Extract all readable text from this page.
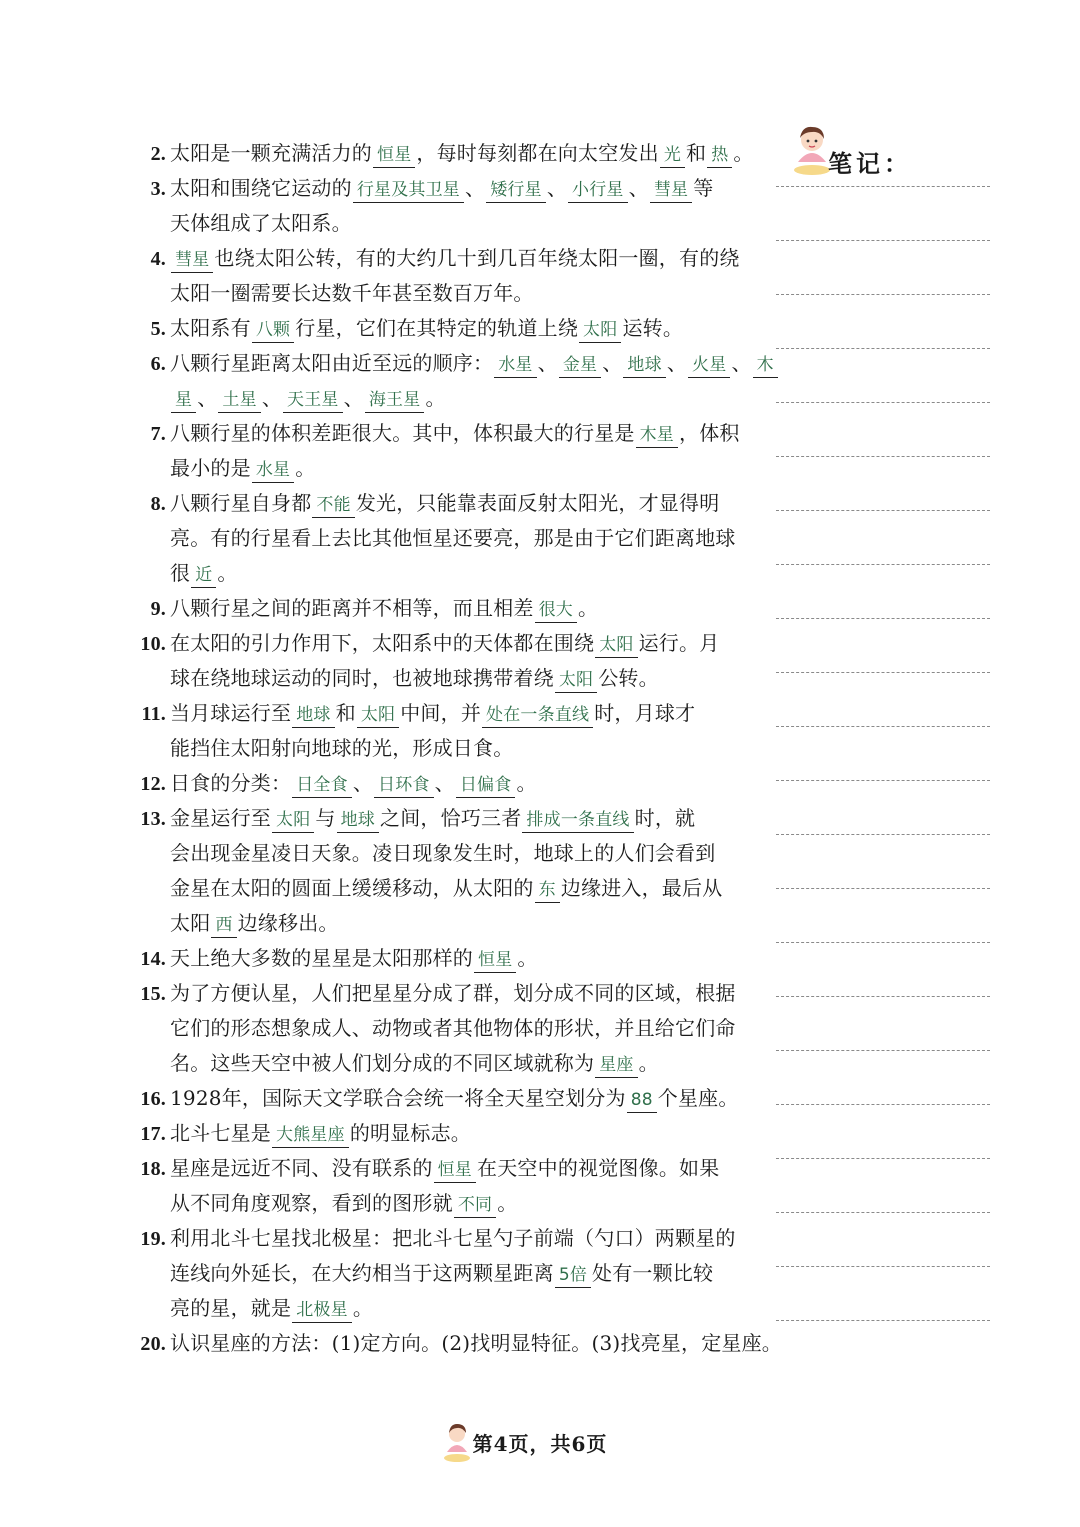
2. 太阳是一颗充满活力的 恒星 ，每时每刻都在向太空发出 光 和 热 。
3. 太阳和围绕它运动的 行星及其卫星 、 矮行星 、 小行星 、 彗星 等
天体组成了太阳系。
4. 彗星 也绕太阳公转，有的大约几十到几百年绕太阳一圈，有的绕
太阳一圈需要长达数千年甚至数百万年。
5. 太阳系有 八颗 行星，它们在其特定的轨道上绕 太阳 运转。
6. 八颗行星距离太阳由近至远的顺序： 水星 、 金星 、 地球 、 火星 、 木
星 、 土星 、 天王星 、 海王星 。
7. 八颗行星的体积差距很大。其中，体积最大的行星是 木星 ，体积
最小的是 水星 。
8. 八颗行星自身都 不能 发光，只能靠表面反射太阳光，才显得明
亮。有的行星看上去比其他恒星还要亮，那是由于它们距离地球
很 近 。
9. 八颗行星之间的距离并不相等，而且相差 很大 。
10. 在太阳的引力作用下，太阳系中的天体都在围绕 太阳 运行。月
球在绕地球运动的同时，也被地球携带着绕 太阳 公转。
11. 当月球运行至 地球 和 太阳 中间，并 处在一条直线 时，月球才
能挡住太阳射向地球的光，形成日食。
12. 日食的分类： 日全食 、 日环食 、 日偏食 。
13. 金星运行至 太阳 与 地球 之间，恰巧三者 排成一条直线 时，就
会出现金星凌日天象。凌日现象发生时，地球上的人们会看到
金星在太阳的圆面上缓缓移动，从太阳的 东 边缘进入，最后从
太阳 西 边缘移出。
14. 天上绝大多数的星星是太阳那样的 恒星 。
15. 为了方便认星，人们把星星分成了群，划分成不同的区域，根据
它们的形态想象成人、动物或者其他物体的形状，并且给它们命
名。这些天空中被人们划分成的不同区域就称为 星座 。
16. 1928年，国际天文学联合会统一将全天星空划分为 88 个星座。
17. 北斗七星是 大熊星座 的明显标志。
18. 星座是远近不同、没有联系的 恒星 在天空中的视觉图像。如果
从不同角度观察，看到的图形就 不同 。
19. 利用北斗七星找北极星：把北斗七星勺子前端（勺口）两颗星的
连线向外延长，在大约相当于这两颗星距离 5倍 处有一颗比较
亮的星，就是 北极星 。
20. 认识星座的方法：(1)定方向。(2)找明显特征。(3)找亮星，定星座。
笔记：
第4页，共6页
